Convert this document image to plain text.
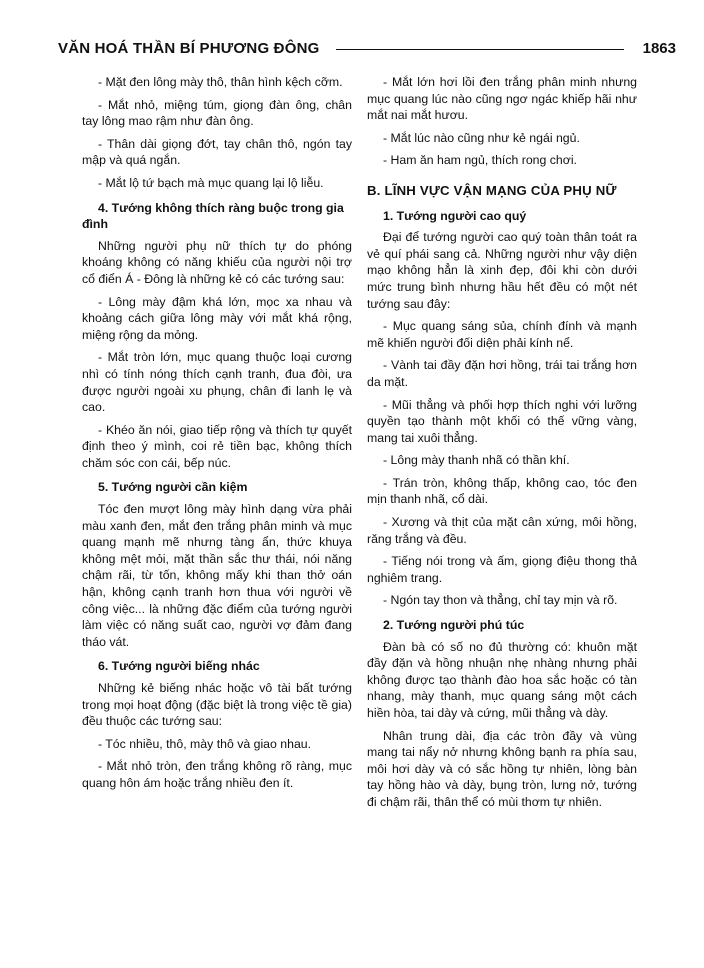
VĂN HOÁ THẦN BÍ PHƯƠNG ĐÔNG	1863
- Mặt đen lông mày thô, thân hình kệch cỡm.
- Mắt nhỏ, miệng túm, giọng đàn ông, chân tay lông mao rậm như đàn ông.
- Thân dài giọng đớt, tay chân thô, ngón tay mập và quá ngắn.
- Mắt lộ tứ bạch mà mục quang lại lộ liễu.
4. Tướng không thích ràng buộc trong gia đình
Những người phụ nữ thích tự do phóng khoáng không có năng khiếu của người nội trợ cổ điển Á - Đông là những kẻ có các tướng sau:
- Lông mày đậm khá lớn, mọc xa nhau và khoảng cách giữa lông mày với mắt khá rộng, miệng rộng da mỏng.
- Mắt tròn lớn, mục quang thuộc loại cương nhì có tính nóng thích cạnh tranh, đua đòi, ưa được người ngoài xu phụng, chân đi lanh lẹ và cao.
- Khéo ăn nói, giao tiếp rộng và thích tự quyết định theo ý mình, coi rẻ tiền bạc, không thích chăm sóc con cái, bếp núc.
5. Tướng người cần kiệm
Tóc đen mượt lông mày hình dạng vừa phải màu xanh đen, mắt đen trắng phân minh và mục quang mạnh mẽ nhưng tàng ẩn, thức khuya không mệt mỏi, mặt thần sắc thư thái, nói năng chậm rãi, từ tốn, không mấy khi than thở oán hận, không cạnh tranh hơn thua với người về công việc... là những đặc điểm của tướng người làm việc có năng suất cao, người vợ đảm đang tháo vát.
6. Tướng người biếng nhác
Những kẻ biếng nhác hoặc vô tài bất tướng trong mọi hoạt động (đặc biệt là trong việc tề gia) đều thuộc các tướng sau:
- Tóc nhiều, thô, mày thô và giao nhau.
- Mắt nhỏ tròn, đen trắng không rõ ràng, mục quang hôn ám hoặc trắng nhiều đen ít.
- Mắt lớn hơi lồi đen trắng phân minh nhưng mục quang lúc nào cũng ngơ ngác khiếp hãi như mắt nai mắt hươu.
- Mắt lúc nào cũng như kẻ ngái ngủ.
- Ham ăn ham ngủ, thích rong chơi.
B. LĨNH VỰC VẬN MẠNG CỦA PHỤ NỮ
1. Tướng người cao quý
Đại để tướng người cao quý toàn thân toát ra vẻ quí phái sang cả. Những người như vậy diện mạo không hẳn là xinh đẹp, đôi khi còn dưới mức trung bình nhưng hầu hết đều có một nét tướng sau đây:
- Mục quang sáng sủa, chính đính và mạnh mẽ khiến người đối diện phải kính nể.
- Vành tai đầy đặn hơi hồng, trái tai trắng hơn da mặt.
- Mũi thẳng và phối hợp thích nghi với lưỡng quyền tạo thành một khối có thế vững vàng, mang tai xuôi thẳng.
- Lông mày thanh nhã có thần khí.
- Trán tròn, không thấp, không cao, tóc đen mịn thanh nhã, cổ dài.
- Xương và thịt của mặt cân xứng, môi hồng, răng trắng và đều.
- Tiếng nói trong và ấm, giọng điệu thong thả nghiêm trang.
- Ngón tay thon và thẳng, chỉ tay mịn và rõ.
2. Tướng người phú túc
Đàn bà có số no đủ thường có: khuôn mặt đầy đặn và hồng nhuận nhẹ nhàng nhưng phải không được tạo thành đào hoa sắc hoặc có tàn nhang, mày thanh, mục quang sáng một cách hiền hòa, tai dày và cứng, mũi thẳng và dày.
Nhân trung dài, địa các tròn đầy và vùng mang tai nẩy nở nhưng không bạnh ra phía sau, môi hơi dày và có sắc hồng tự nhiên, lòng bàn tay hồng hào và dày, bụng tròn, lưng nở, tướng đi chậm rãi, thân thể có mùi thơm tự nhiên.
